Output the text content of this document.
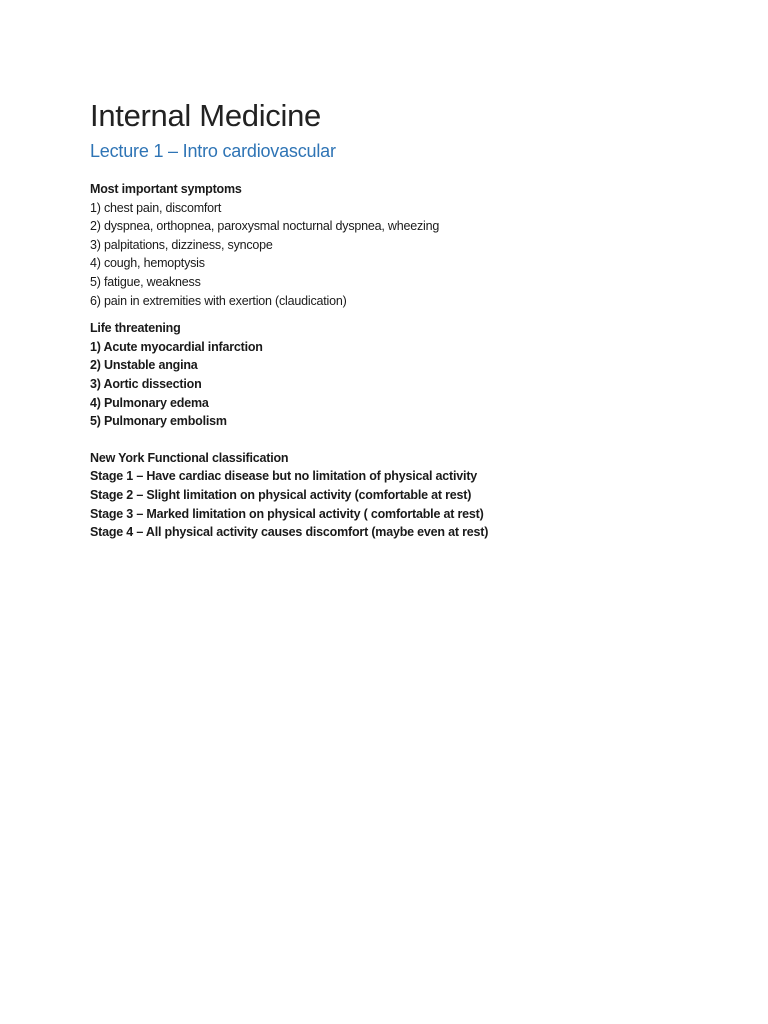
Internal Medicine
Lecture 1 – Intro cardiovascular
Most important symptoms
1) chest pain, discomfort
2) dyspnea, orthopnea, paroxysmal nocturnal dyspnea, wheezing
3) palpitations, dizziness, syncope
4) cough, hemoptysis
5) fatigue, weakness
6) pain in extremities with exertion (claudication)
Life threatening
1) Acute myocardial infarction
2) Unstable angina
3) Aortic dissection
4) Pulmonary edema
5) Pulmonary embolism
New York Functional classification
Stage 1 – Have cardiac disease but no limitation of physical activity
Stage 2 – Slight limitation on physical activity (comfortable at rest)
Stage 3 – Marked limitation on physical activity ( comfortable at rest)
Stage 4 – All physical activity causes discomfort (maybe even at rest)
